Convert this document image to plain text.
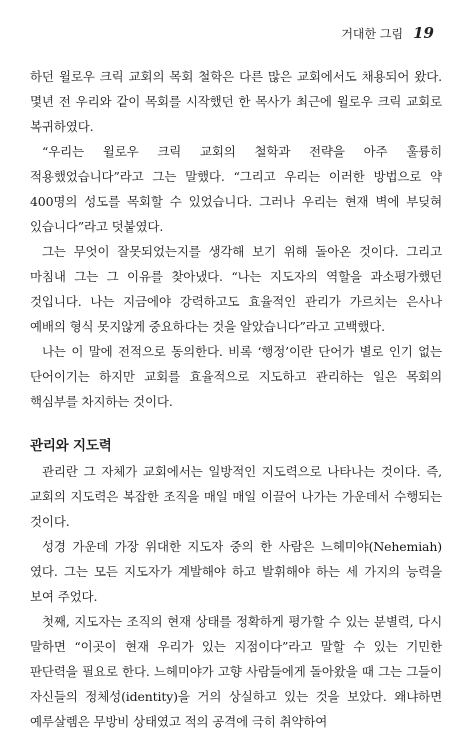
거대한 그림 19

하던 윌로우 크릭 교회의 목회 철학은 다른 많은 교회에서도 채용되어 왔다. 몇년 전 우리와 같이 목회를 시작했던 한 목사가 최근에 윌로우 크릭 교회로 복귀하였다.

“우리는 윌로우 크릭 교회의 철학과 전략을 아주 훌륭히 적용했었습니다”라고 그는 말했다. “그리고 우리는 이러한 방법으로 약 400명의 성도를 목회할 수 있었습니다. 그러나 우리는 현재 벽에 부딪혀 있습니다”라고 덧붙였다.

그는 무엇이 잘못되었는지를 생각해 보기 위해 돌아온 것이다. 그리고 마침내 그는 그 이유를 찾아냈다. “나는 지도자의 역할을 과소평가했던 것입니다. 나는 지금에야 강력하고도 효율적인 관리가 가르치는 은사나 예배의 형식 못지않게 중요하다는 것을 알았습니다”라고 고백했다.

나는 이 말에 전적으로 동의한다. 비록 ‘행정’이란 단어가 별로 인기 없는 단어이기는 하지만 교회를 효율적으로 지도하고 관리하는 일은 목회의 핵심부를 차지하는 것이다.

관리와 지도력

관리란 그 자체가 교회에서는 일방적인 지도력으로 나타나는 것이다. 즉, 교회의 지도력은 복잡한 조직을 매일 매일 이끌어 나가는 가운데서 수행되는 것이다.

성경 가운데 가장 위대한 지도자 중의 한 사람은 느헤미야(Nehemiah)였다. 그는 모든 지도자가 계발해야 하고 발휘해야 하는 세 가지의 능력을 보여 주었다.

첫째, 지도자는 조직의 현재 상태를 정확하게 평가할 수 있는 분별력, 다시 말하면 “이곳이 현재 우리가 있는 지점이다”라고 말할 수 있는 기민한 판단력을 필요로 한다. 느헤미야가 고향 사람들에게 돌아왔을 때 그는 그들이 자신들의 정체성(identity)을 거의 상실하고 있는 것을 보았다. 왜냐하면 예루살렘은 무방비 상태였고 적의 공격에 극히 취약하여
